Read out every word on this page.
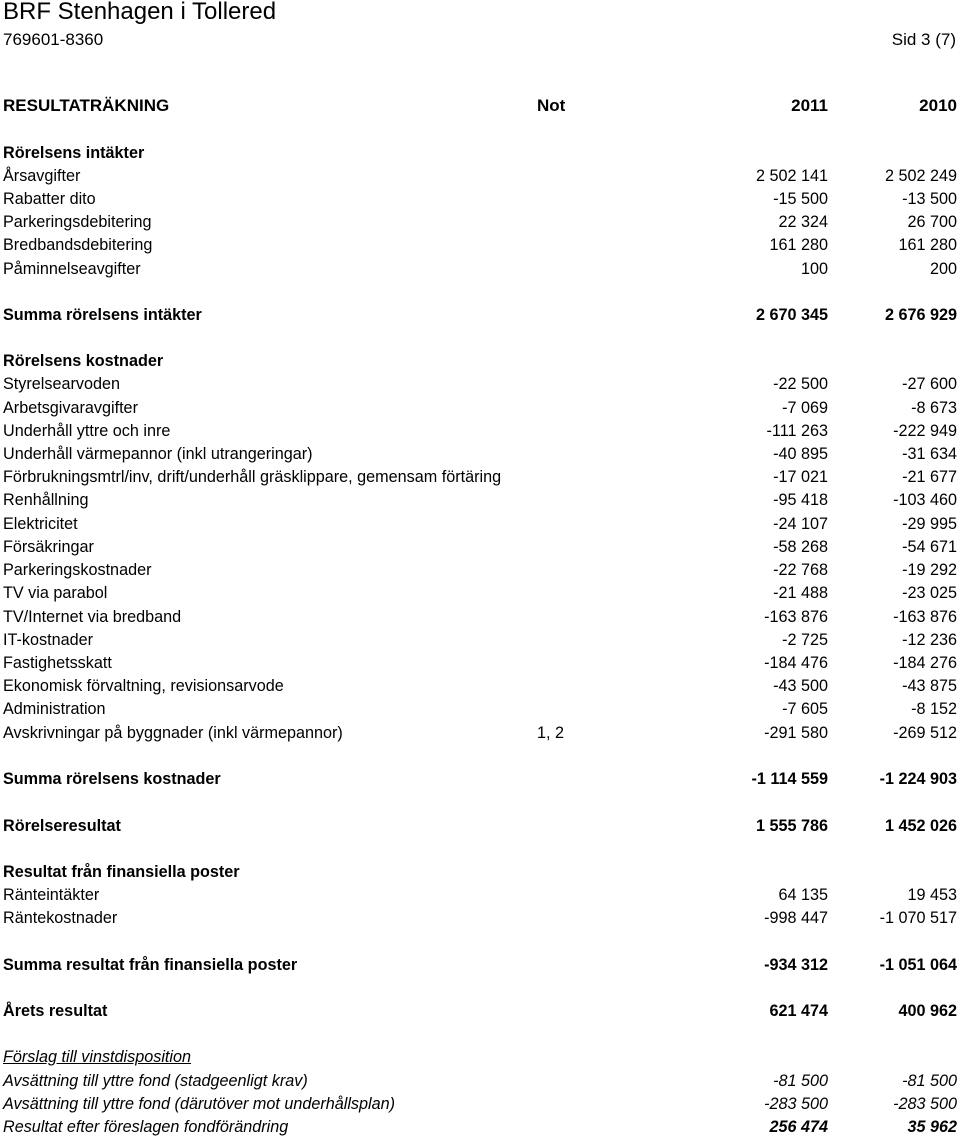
BRF Stenhagen i Tollered
769601-8360	Sid 3 (7)
RESULTATRÄKNING	Not	2011	2010
Rörelsens intäkter
Årsavgifter	2 502 141	2 502 249
Rabatter dito	-15 500	-13 500
Parkeringsdebitering	22 324	26 700
Bredbandsdebitering	161 280	161 280
Påminnelseavgifter	100	200
Summa rörelsens intäkter	2 670 345	2 676 929
Rörelsens kostnader
Styrelsearvoden	-22 500	-27 600
Arbetsgivaravgifter	-7 069	-8 673
Underhåll yttre och inre	-111 263	-222 949
Underhåll värmepannor (inkl utrangeringar)	-40 895	-31 634
Förbrukningsmtrl/inv, drift/underhåll gräsklippare, gemensam förtäring	-17 021	-21 677
Renhållning	-95 418	-103 460
Elektricitet	-24 107	-29 995
Försäkringar	-58 268	-54 671
Parkeringskostnader	-22 768	-19 292
TV via parabol	-21 488	-23 025
TV/Internet via bredband	-163 876	-163 876
IT-kostnader	-2 725	-12 236
Fastighetsskatt	-184 476	-184 276
Ekonomisk förvaltning, revisionsarvode	-43 500	-43 875
Administration	-7 605	-8 152
Avskrivningar på byggnader (inkl värmepannor)	1, 2	-291 580	-269 512
Summa rörelsens kostnader	-1 114 559	-1 224 903
Rörelseresultat	1 555 786	1 452 026
Resultat från finansiella poster
Ränteintäkter	64 135	19 453
Räntekostnader	-998 447	-1 070 517
Summa resultat från finansiella poster	-934 312	-1 051 064
Årets resultat	621 474	400 962
Förslag till vinstdisposition
Avsättning till yttre fond (stadgeenligt krav)	-81 500	-81 500
Avsättning till yttre fond (därutöver mot underhållsplan)	-283 500	-283 500
Resultat efter föreslagen fondförändring	256 474	35 962
